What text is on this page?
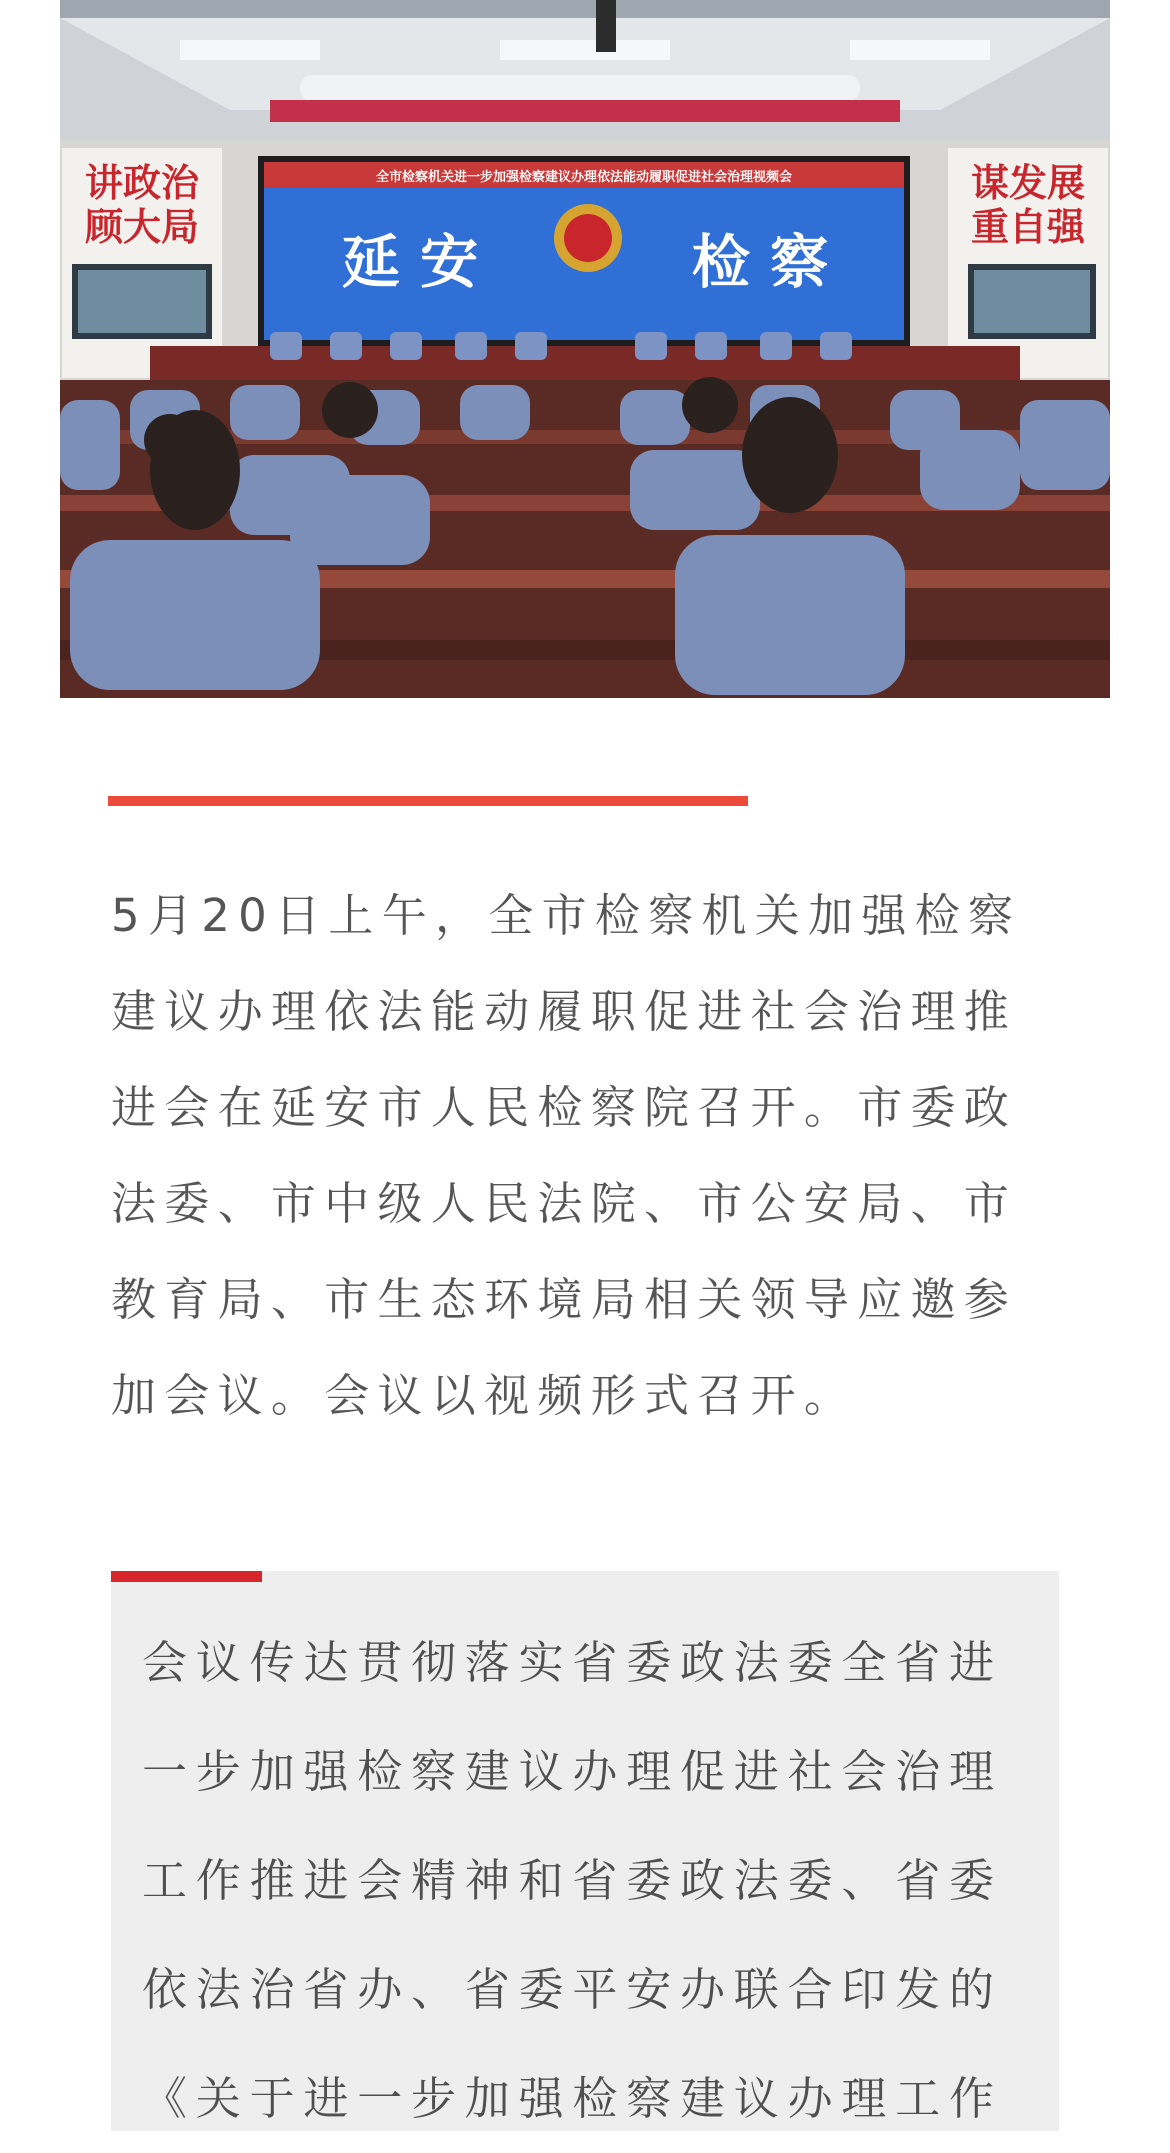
全市检察机关进一步加强检察建议办理依法能动履职促进社会治理视频会
延 安	检 察
讲政治
顾大局
谋发展
重自强

5月20日上午，全市检察机关加强检察建议办理依法能动履职促进社会治理推进会在延安市人民检察院召开。市委政法委、市中级人民法院、市公安局、市教育局、市生态环境局相关领导应邀参加会议。会议以视频形式召开。

会议传达贯彻落实省委政法委全省进一步加强检察建议办理促进社会治理工作推进会精神和省委政法委、省委依法治省办、省委平安办联合印发的《关于进一步加强检察建议办理工作
